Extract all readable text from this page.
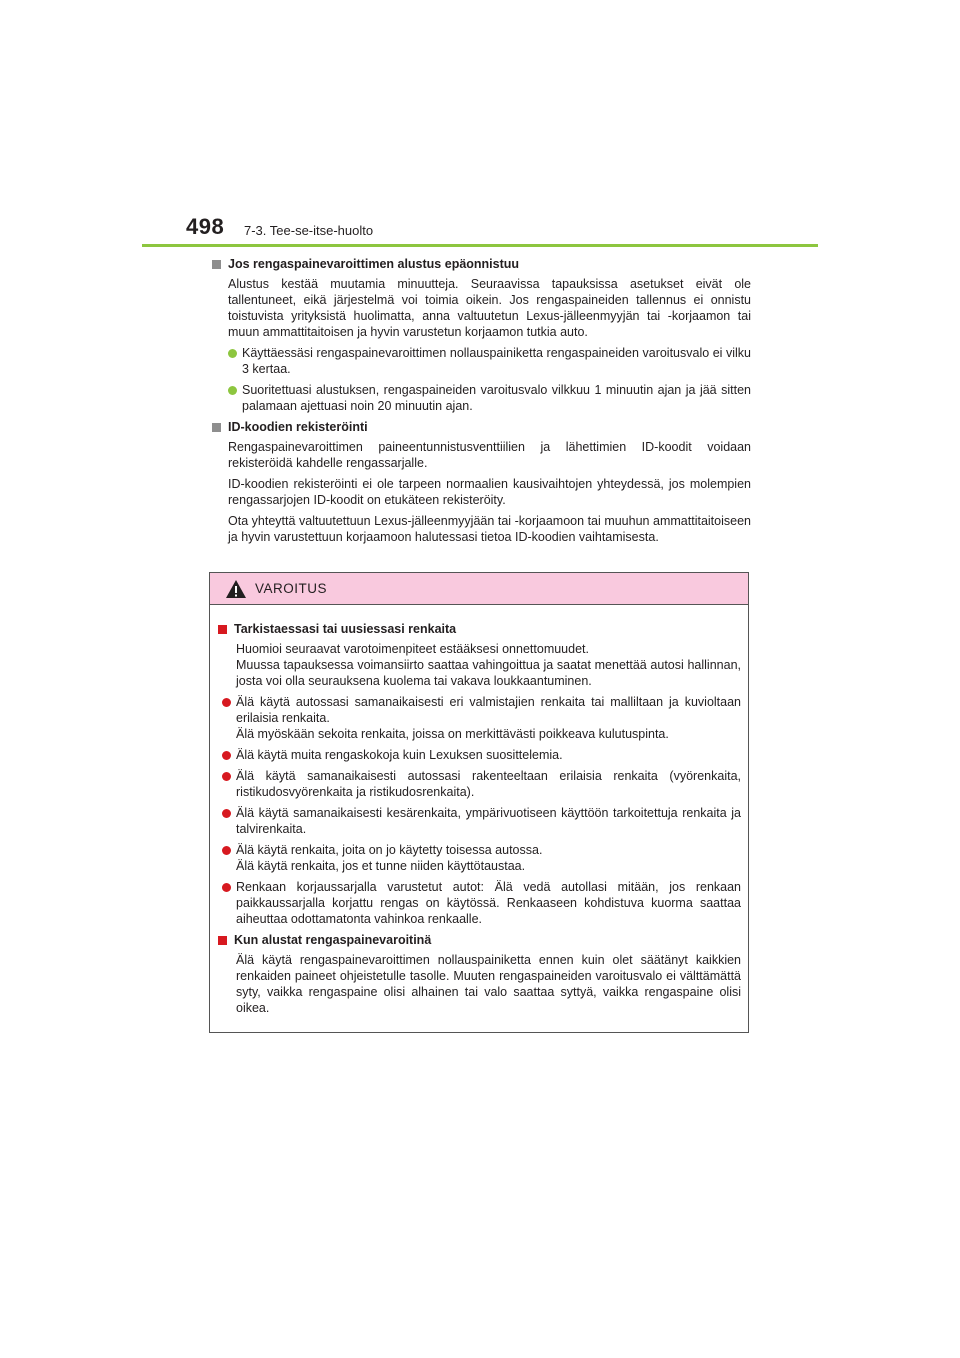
498 7-3. Tee-se-itse-huolto
Jos rengaspainevaroittimen alustus epäonnistuu

Alustus kestää muutamia minuutteja. Seuraavissa tapauksissa asetukset eivät ole tallentuneet, eikä järjestelmä voi toimia oikein. Jos rengaspaineiden tallennus ei onnistu toistuvista yrityksistä huolimatta, anna valtuutetun Lexus-jälleenmyyjän tai -korjaamon tai muun ammattitaitoisen ja hyvin varustetun korjaamon tutkia auto.

Käyttäessäsi rengaspainevaroittimen nollauspainiketta rengaspaineiden varoitusvalo ei vilku 3 kertaa.
Suoritettuasi alustuksen, rengaspaineiden varoitusvalo vilkkuu 1 minuutin ajan ja jää sitten palamaan ajettuasi noin 20 minuutin ajan.
ID-koodien rekisteröinti

Rengaspainevaroittimen paineentunnistusventtiilien ja lähettimien ID-koodit voidaan rekisteröidä kahdelle rengassarjalle.

ID-koodien rekisteröinti ei ole tarpeen normaalien kausivaihtojen yhteydessä, jos molempien rengassarjojen ID-koodit on etukäteen rekisteröity.

Ota yhteyttä valtuutettuun Lexus-jälleenmyyjään tai -korjaamoon tai muuhun ammattitaitoiseen ja hyvin varustettuun korjaamoon halutessasi tietoa ID-koodien vaihtamisesta.

VAROITUS
Tarkistaessasi tai uusiessasi renkaita

Huomioi seuraavat varotoimenpiteet estääksesi onnettomuudet.
Muussa tapauksessa voimansiirto saattaa vahingoittua ja saatat menettää autosi hallinnan, josta voi olla seurauksena kuolema tai vakava loukkaantuminen.

Älä käytä autossasi samanaikaisesti eri valmistajien renkaita tai malliltaan ja kuvioltaan erilaisia renkaita.
Älä myöskään sekoita renkaita, joissa on merkittävästi poikkeava kulutuspinta.
Älä käytä muita rengaskokoja kuin Lexuksen suosittelemia.
Älä käytä samanaikaisesti autossasi rakenteeltaan erilaisia renkaita (vyörenkaita, ristikudosvyörenkaita ja ristikudosrenkaita).
Älä käytä samanaikaisesti kesärenkaita, ympärivuotiseen käyttöön tarkoitettuja renkaita ja talvirenkaita.
Älä käytä renkaita, joita on jo käytetty toisessa autossa.
Älä käytä renkaita, jos et tunne niiden käyttötaustaa.
Renkaan korjaussarjalla varustetut autot: Älä vedä autollasi mitään, jos renkaan paikkaussarjalla korjattu rengas on käytössä. Renkaaseen kohdistuva kuorma saattaa aiheuttaa odottamatonta vahinkoa renkaalle.
Kun alustat rengaspainevaroitinä

Älä käytä rengaspainevaroittimen nollauspainiketta ennen kuin olet säätänyt kaikkien renkaiden paineet ohjeistetulle tasolle. Muuten rengaspaineiden varoitusvalo ei välttämättä syty, vaikka rengaspaine olisi alhainen tai valo saattaa syttyä, vaikka rengaspaine olisi oikea.
